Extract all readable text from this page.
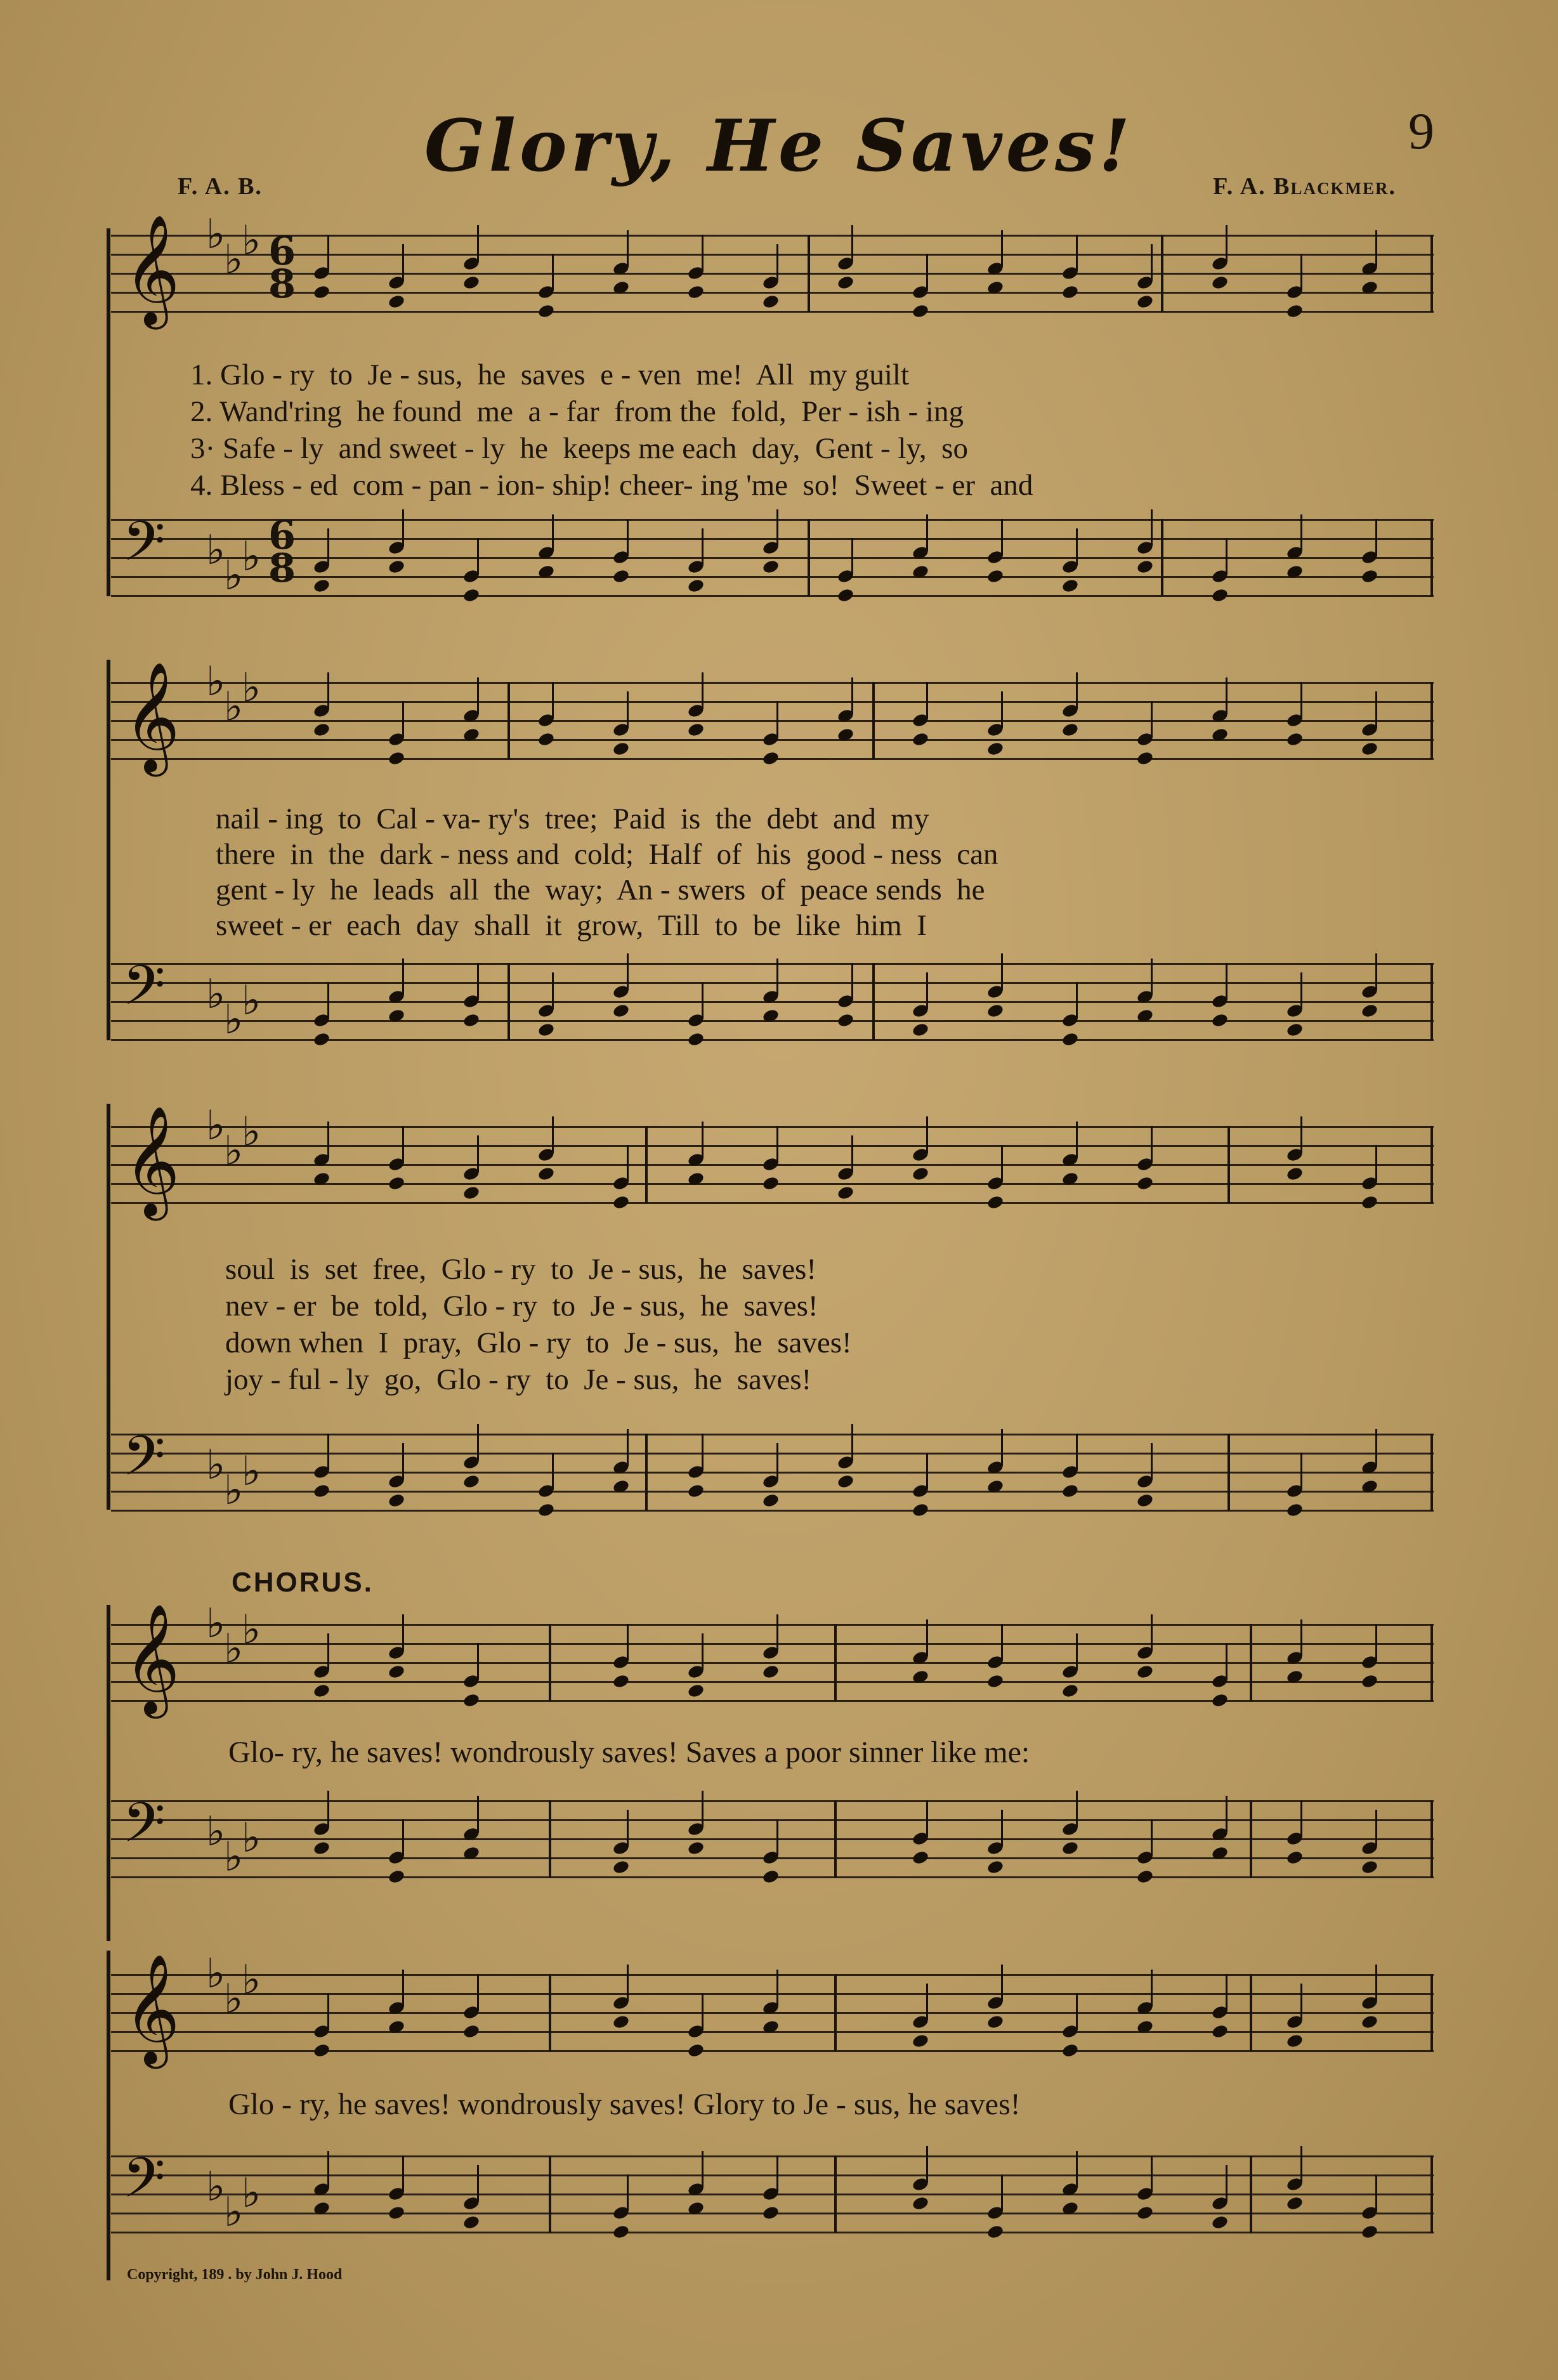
Glory, He Saves!	9
F. A. B.	F. A. Blackmer.
𝄞 ♭
♭
♭ 6
8
1. Glo - ry  to  Je - sus,  he  saves  e - ven  me!  All  my guilt
2. Wand'ring  he found  me  a - far  from the  fold,  Per - ish - ing
3· Safe - ly  and sweet - ly  he  keeps me each  day,  Gent - ly,  so
4. Bless - ed  com - pan - ion- ship! cheer- ing 'me  so!  Sweet - er  and
𝄢 ♭
♭
♭ 6
8
𝄞 ♭
♭
♭
nail - ing  to  Cal - va- ry's  tree;  Paid  is  the  debt  and  my
there  in  the  dark - ness and  cold;  Half  of  his  good - ness  can
gent - ly  he  leads  all  the  way;  An - swers  of  peace sends  he
sweet - er  each  day  shall  it  grow,  Till  to  be  like  him  I
𝄢 ♭
♭
♭
𝄞 ♭
♭
♭
soul  is  set  free,  Glo - ry  to  Je - sus,  he  saves!
nev - er  be  told,  Glo - ry  to  Je - sus,  he  saves!
down when  I  pray,  Glo - ry  to  Je - sus,  he  saves!
joy - ful - ly  go,  Glo - ry  to  Je - sus,  he  saves!
𝄢 ♭
♭
♭
CHORUS.
𝄞 ♭
♭
♭
Glo- ry, he saves! wondrously saves! Saves a poor sinner like me:
𝄢 ♭
♭
♭
𝄞 ♭
♭
♭
Glo - ry, he saves! wondrously saves! Glory to Je - sus, he saves!
𝄢 ♭
♭
♭
Copyright, 189 . by John J. Hood
